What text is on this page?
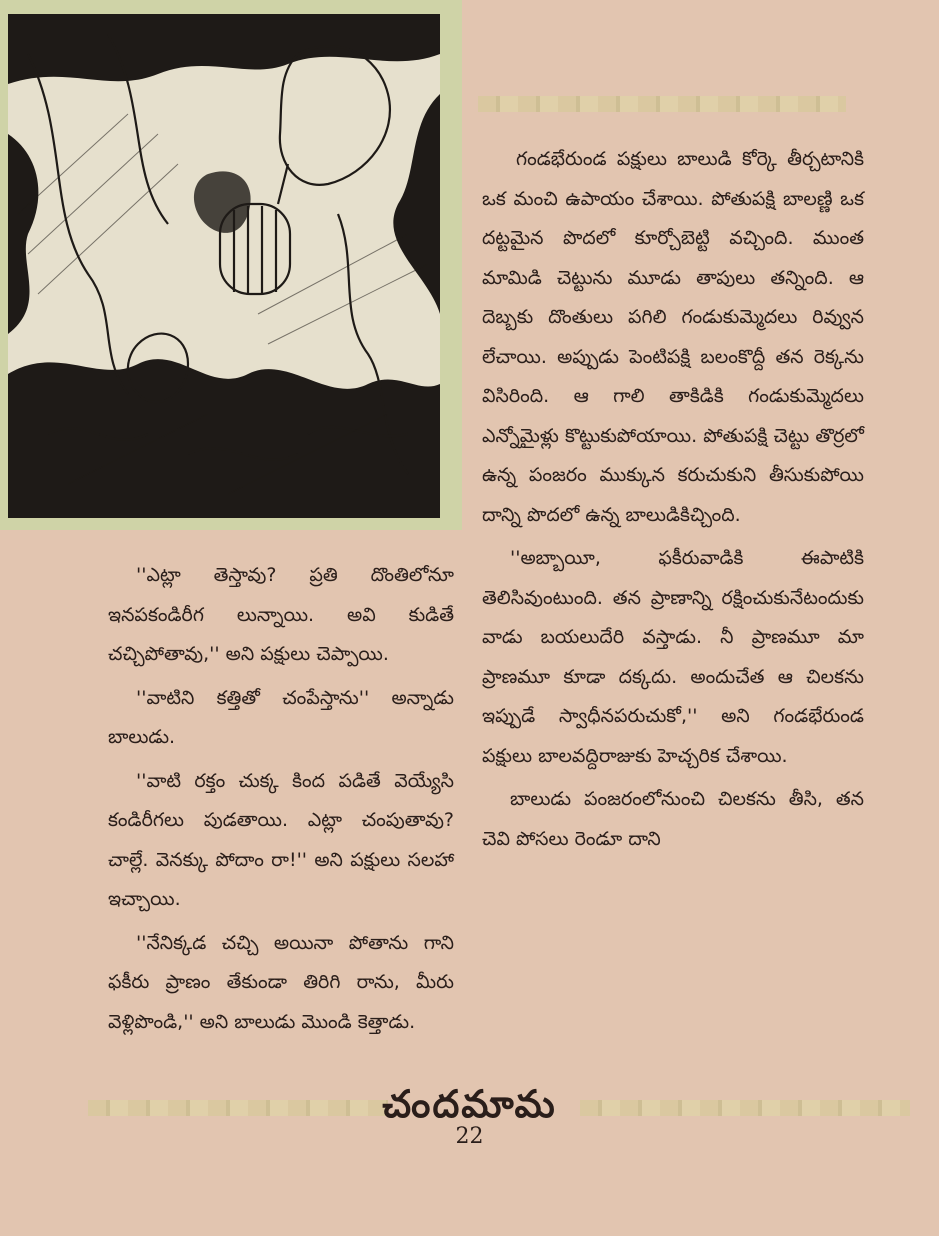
''ఎట్లా తెస్తావు? ప్రతి దొంతిలోనూ ఇనపకండిరీగ లున్నాయి. అవి కుడితే చచ్చిపోతావు,'' అని పక్షులు చెప్పాయి.

''వాటిని కత్తితో చంపేస్తాను'' అన్నాడు బాలుడు.

''వాటి రక్తం చుక్క కింద పడితే వెయ్యేసి కండిరీగలు పుడతాయి. ఎట్లా చంపుతావు? చాల్లే. వెనక్కు పోదాం రా!'' అని పక్షులు సలహా ఇచ్చాయి.

''నేనిక్కడ చచ్చి అయినా పోతాను గాని ఫకీరు ప్రాణం తేకుండా తిరిగి రాను, మీరు వెళ్లిపొండి,'' అని బాలుడు మొండి కెత్తాడు.

గండభేరుండ పక్షులు బాలుడి కోర్కె తీర్చటానికి ఒక మంచి ఉపాయం చేశాయి. పోతుపక్షి బాలణ్ణి ఒక దట్టమైన పొదలో కూర్చోబెట్టి వచ్చింది. ముంత మామిడి చెట్టును మూడు తాపులు తన్నింది. ఆ దెబ్బకు దొంతులు పగిలి గండుకుమ్మెదలు రివ్వున లేచాయి. అప్పుడు పెంటిపక్షి బలంకొద్దీ తన రెక్కను విసిరింది. ఆ గాలి తాకిడికి గండుకుమ్మెదలు ఎన్నోమైళ్లు కొట్టుకుపోయాయి. పోతుపక్షి చెట్టు తొర్రలో ఉన్న పంజరం ముక్కున కరుచుకుని తీసుకుపోయి దాన్ని పొదలో ఉన్న బాలుడికిచ్చింది.

''అబ్బాయీ, ఫకీరువాడికి ఈపాటికి తెలిసివుంటుంది. తన ప్రాణాన్ని రక్షించుకునేటందుకు వాడు బయలుదేరి వస్తాడు. నీ ప్రాణమూ మా ప్రాణమూ కూడా దక్కదు. అందుచేత ఆ చిలకను ఇప్పుడే స్వాధీనపరుచుకో,'' అని గండభేరుండ పక్షులు బాలవద్దిరాజుకు హెచ్చరిక చేశాయి.

బాలుడు పంజరంలోనుంచి చిలకను తీసి, తన చెవి పోసలు రెండూ దాని

చందమామ
22
